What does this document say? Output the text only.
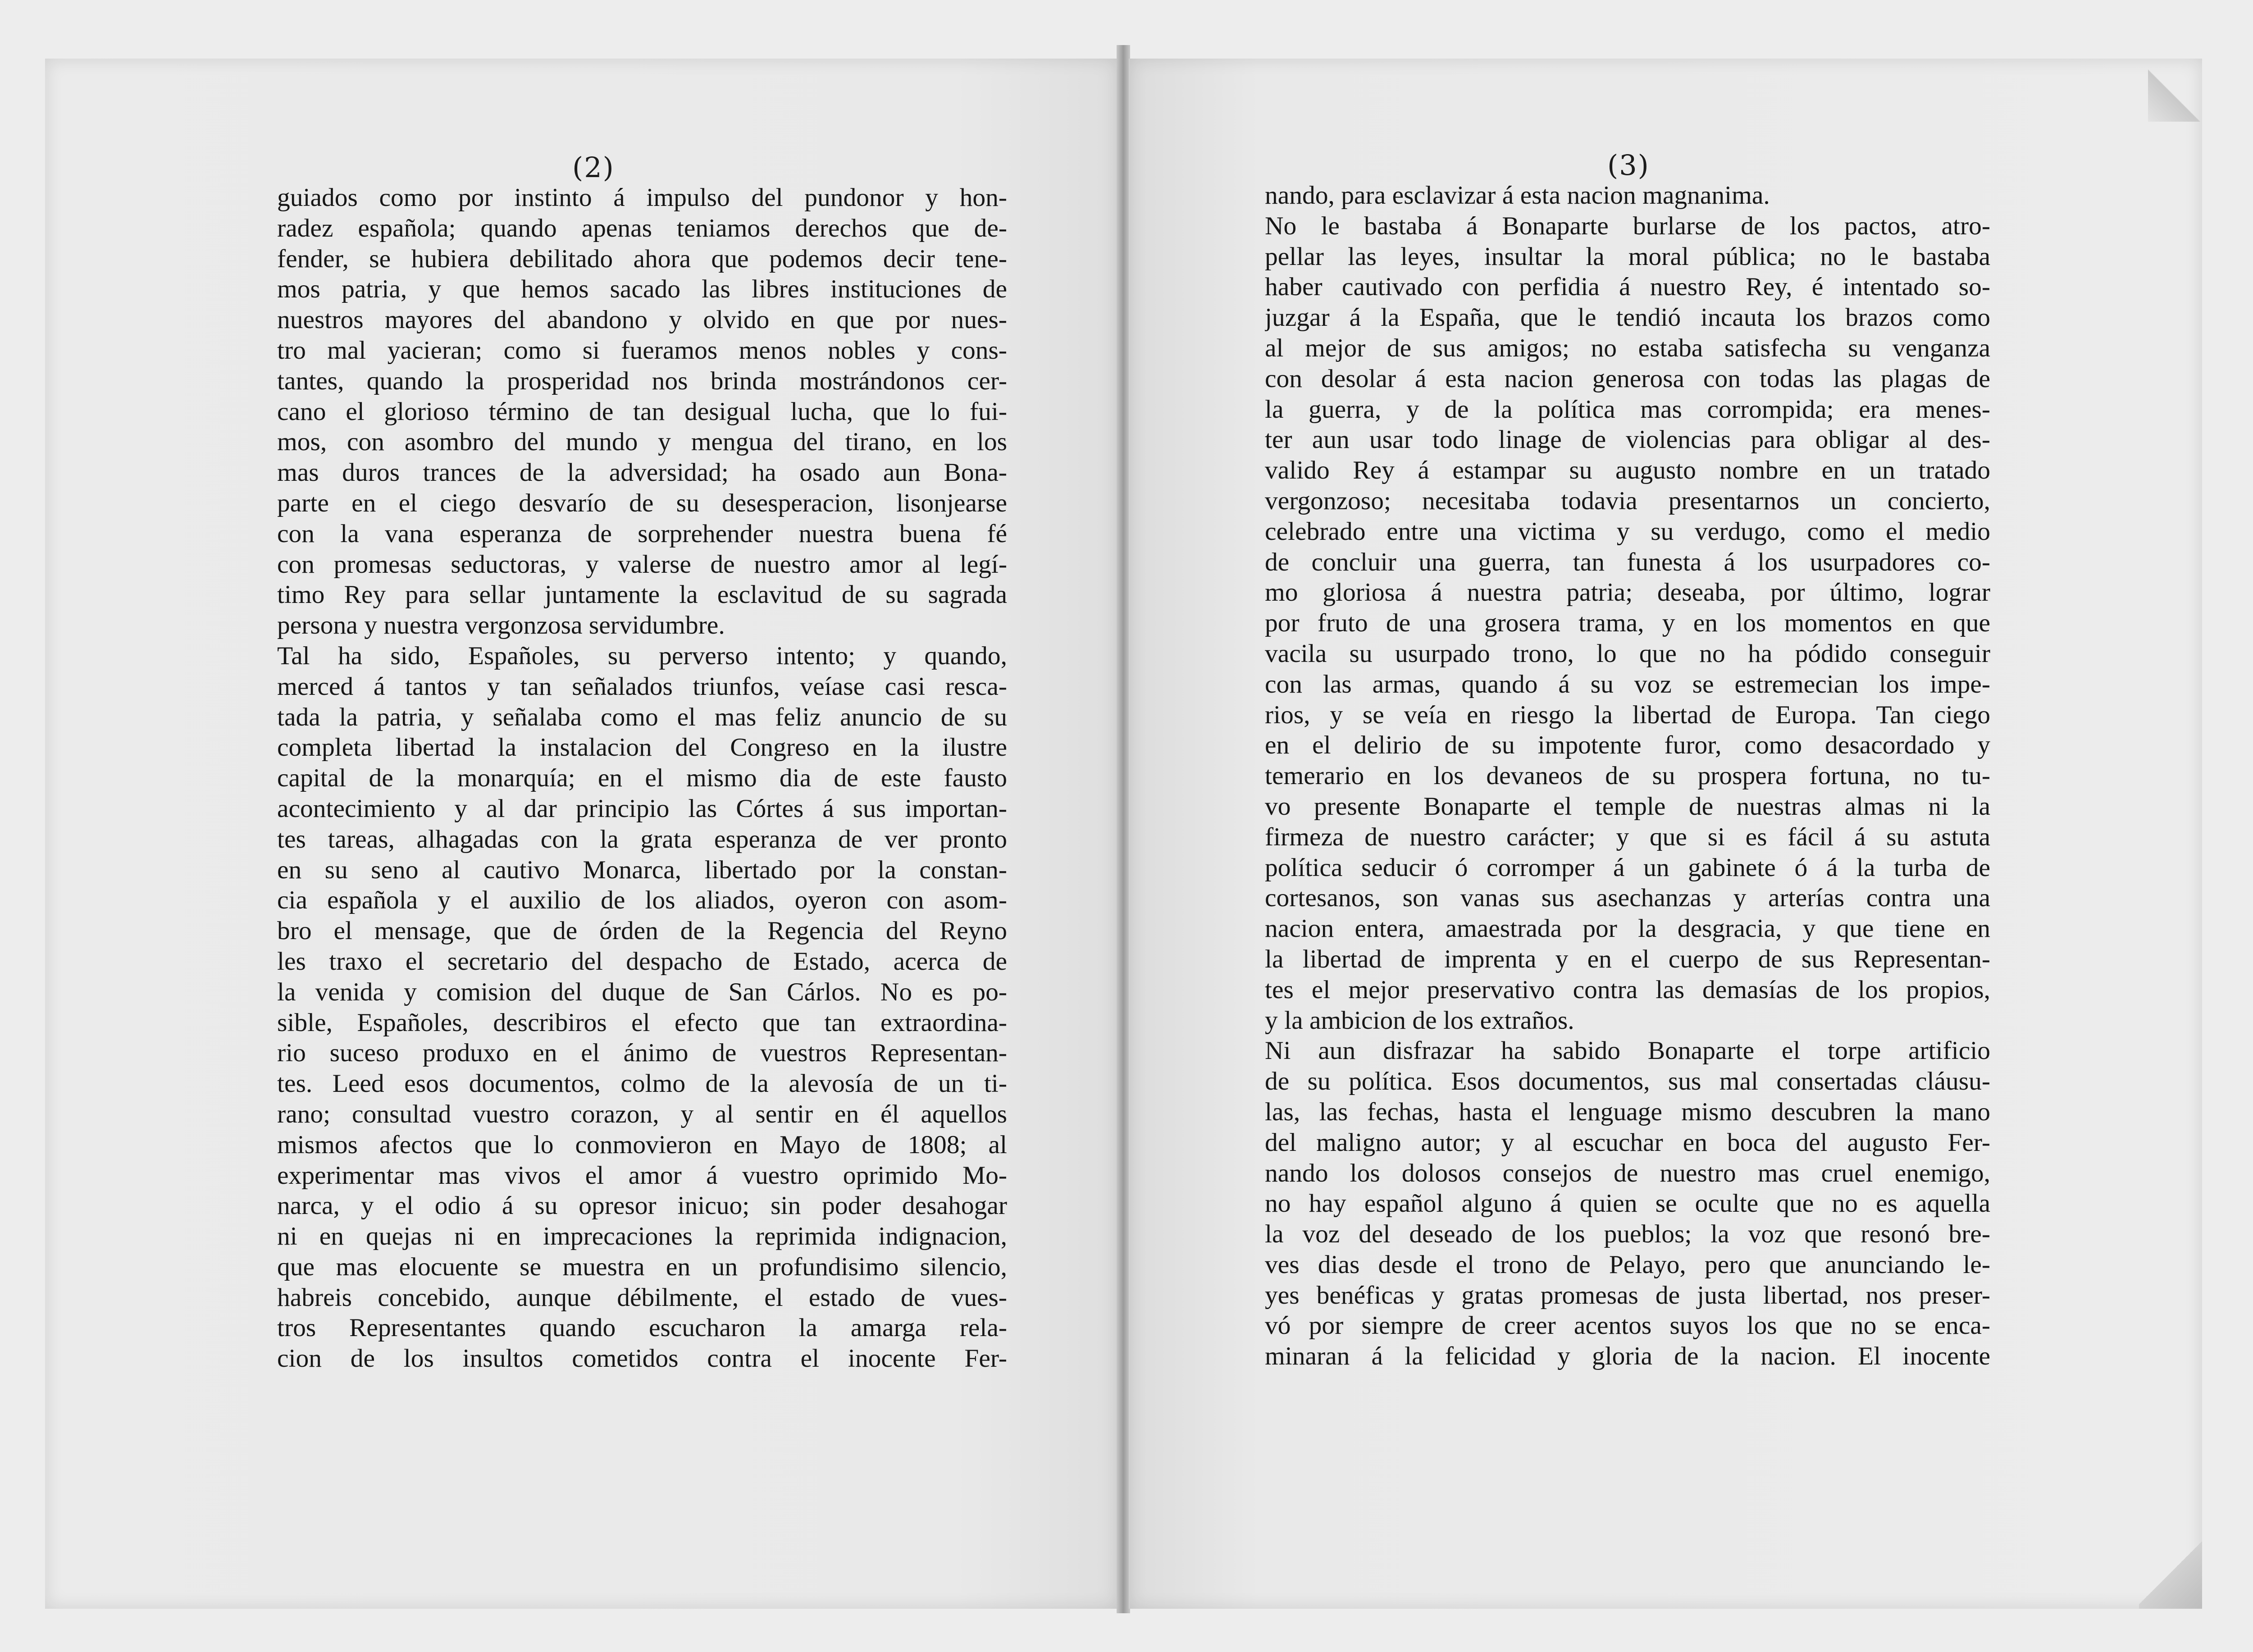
(2)
guiados como por instinto á impulso del pundonor y hon-
radez española; quando apenas teniamos derechos que de-
fender, se hubiera debilitado ahora que podemos decir tene-
mos patria, y que hemos sacado las libres instituciones de
nuestros mayores del abandono y olvido en que por nues-
tro mal yacieran; como si fueramos menos nobles y cons-
tantes, quando la prosperidad nos brinda mostrándonos cer-
cano el glorioso término de tan desigual lucha, que lo fui-
mos, con asombro del mundo y mengua del tirano, en los
mas duros trances de la adversidad; ha osado aun Bona-
parte en el ciego desvarío de su desesperacion, lisonjearse
con la vana esperanza de sorprehender nuestra buena fé
con promesas seductoras, y valerse de nuestro amor al legí-
timo Rey para sellar juntamente la esclavitud de su sagrada
persona y nuestra vergonzosa servidumbre.
Tal ha sido, Españoles, su perverso intento; y quando,
merced á tantos y tan señalados triunfos, veíase casi resca-
tada la patria, y señalaba como el mas feliz anuncio de su
completa libertad la instalacion del Congreso en la ilustre
capital de la monarquía; en el mismo dia de este fausto
acontecimiento y al dar principio las Córtes á sus importan-
tes tareas, alhagadas con la grata esperanza de ver pronto
en su seno al cautivo Monarca, libertado por la constan-
cia española y el auxilio de los aliados, oyeron con asom-
bro el mensage, que de órden de la Regencia del Reyno
les traxo el secretario del despacho de Estado, acerca de
la venida y comision del duque de San Cárlos. No es po-
sible, Españoles, describiros el efecto que tan extraordina-
rio suceso produxo en el ánimo de vuestros Representan-
tes. Leed esos documentos, colmo de la alevosía de un ti-
rano; consultad vuestro corazon, y al sentir en él aquellos
mismos afectos que lo conmovieron en Mayo de 1808; al
experimentar mas vivos el amor á vuestro oprimido Mo-
narca, y el odio á su opresor inicuo; sin poder desahogar
ni en quejas ni en imprecaciones la reprimida indignacion,
que mas elocuente se muestra en un profundisimo silencio,
habreis concebido, aunque débilmente, el estado de vues-
tros Representantes quando escucharon la amarga rela-
cion de los insultos cometidos contra el inocente Fer-
(3)
nando, para esclavizar á esta nacion magnanima.
No le bastaba á Bonaparte burlarse de los pactos, atro-
pellar las leyes, insultar la moral pública; no le bastaba
haber cautivado con perfidia á nuestro Rey, é intentado so-
juzgar á la España, que le tendió incauta los brazos como
al mejor de sus amigos; no estaba satisfecha su venganza
con desolar á esta nacion generosa con todas las plagas de
la guerra, y de la política mas corrompida; era menes-
ter aun usar todo linage de violencias para obligar al des-
valido Rey á estampar su augusto nombre en un tratado
vergonzoso; necesitaba todavia presentarnos un concierto,
celebrado entre una victima y su verdugo, como el medio
de concluir una guerra, tan funesta á los usurpadores co-
mo gloriosa á nuestra patria; deseaba, por último, lograr
por fruto de una grosera trama, y en los momentos en que
vacila su usurpado trono, lo que no ha pódido conseguir
con las armas, quando á su voz se estremecian los impe-
rios, y se veía en riesgo la libertad de Europa. Tan ciego
en el delirio de su impotente furor, como desacordado y
temerario en los devaneos de su prospera fortuna, no tu-
vo presente Bonaparte el temple de nuestras almas ni la
firmeza de nuestro carácter; y que si es fácil á su astuta
política seducir ó corromper á un gabinete ó á la turba de
cortesanos, son vanas sus asechanzas y arterías contra una
nacion entera, amaestrada por la desgracia, y que tiene en
la libertad de imprenta y en el cuerpo de sus Representan-
tes el mejor preservativo contra las demasías de los propios,
y la ambicion de los extraños.
Ni aun disfrazar ha sabido Bonaparte el torpe artificio
de su política. Esos documentos, sus mal consertadas cláusu-
las, las fechas, hasta el lenguage mismo descubren la mano
del maligno autor; y al escuchar en boca del augusto Fer-
nando los dolosos consejos de nuestro mas cruel enemigo,
no hay español alguno á quien se oculte que no es aquella
la voz del deseado de los pueblos; la voz que resonó bre-
ves dias desde el trono de Pelayo, pero que anunciando le-
yes benéficas y gratas promesas de justa libertad, nos preser-
vó por siempre de creer acentos suyos los que no se enca-
minaran á la felicidad y gloria de la nacion. El inocente
